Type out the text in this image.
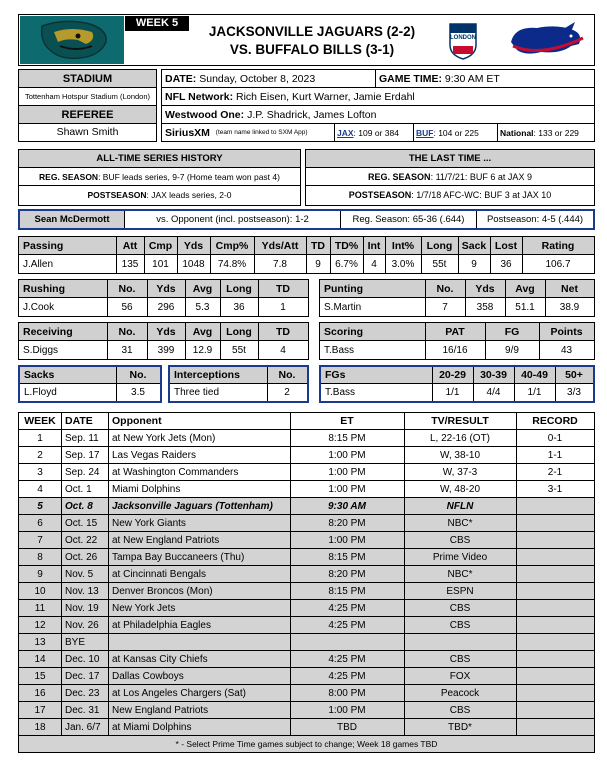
WEEK 5
JACKSONVILLE JAGUARS (2-2)
VS. BUFFALO BILLS (3-1)
LONDON
STADIUM
Tottenham Hotspur Stadium (London)
REFEREE
Shawn Smith
DATE:
Sunday, October 8, 2023	GAME TIME:
9:30 AM ET
NFL Network:
Rich Eisen, Kurt Warner, Jamie Erdahl
Westwood One:
J.P. Shadrick, James Lofton
SiriusXM
(team name linked to SXM App)	JAX : 109 or 384 BUF : 104 or 225 National : 133 or 229
ALL-TIME SERIES HISTORY
REG. SEASON: BUF leads series, 9-7 (Home team won past 4)
POSTSEASON: JAX leads series, 2-0
THE LAST TIME ...
REG. SEASON: 11/7/21: BUF 6 at JAX 9
POSTSEASON: 1/7/18 AFC-WC: BUF 3 at JAX 10
Sean McDermott	vs. Opponent (incl. postseason):
1-2	Reg. Season:
65-36 (.644) Postseason:
4-5 (.444)
Passing	Att	Cmp	Yds	Cmp%	Yds/Att	TD TD% Int	Int%	Long Sack Lost	Rating
J.Allen	135	101	1048	74.8%	7.8	9	6.7%	4	3.0%	55t	9	36	106.7
Rushing	No.	Yds	Avg	Long	TD
J.Cook	56	296	5.3	36	1
Punting	No.	Yds	Avg	Net
S.Martin	7	358	51.1	38.9
Receiving	No.	Yds	Avg	Long	TD
S.Diggs	31	399	12.9	55t	4
Scoring	PAT	FG	Points
T.Bass	16/16	9/9	43
Sacks	No.
L.Floyd	3.5
Interceptions	No.
Three tied	2
FGs	20-29	30-39	40-49	50+
T.Bass	1/1	4/4	1/1	3/3
WEEK DATE	Opponent	ET	TV/RESULT	RECORD
1	Sep. 11	at New York Jets (Mon)	8:15 PM	L, 22-16 (OT)	0-1
2	Sep. 17	Las Vegas Raiders	1:00 PM	W, 38-10	1-1
3	Sep. 24	at Washington Commanders	1:00 PM	W, 37-3	2-1
4	Oct. 1	Miami Dolphins	1:00 PM	W, 48-20	3-1
5	Oct. 8	Jacksonville Jaguars (Tottenham)	9:30 AM	NFLN
6	Oct. 15	New York Giants	8:20 PM	NBC*
7	Oct. 22	at New England Patriots	1:00 PM	CBS
8	Oct. 26	Tampa Bay Buccaneers (Thu)	8:15 PM	Prime Video
9	Nov. 5	at Cincinnati Bengals	8:20 PM	NBC*
10	Nov. 13	Denver Broncos (Mon)	8:15 PM	ESPN
11	Nov. 19	New York Jets	4:25 PM	CBS
12	Nov. 26	at Philadelphia Eagles	4:25 PM	CBS
13	BYE
14	Dec. 10	at Kansas City Chiefs	4:25 PM	CBS
15	Dec. 17	Dallas Cowboys	4:25 PM	FOX
16	Dec. 23	at Los Angeles Chargers (Sat)	8:00 PM	Peacock
17	Dec. 31	New England Patriots	1:00 PM	CBS
18	Jan. 6/7	at Miami Dolphins	TBD	TBD*
* - Select Prime Time games subject to change; Week 18 games TBD
